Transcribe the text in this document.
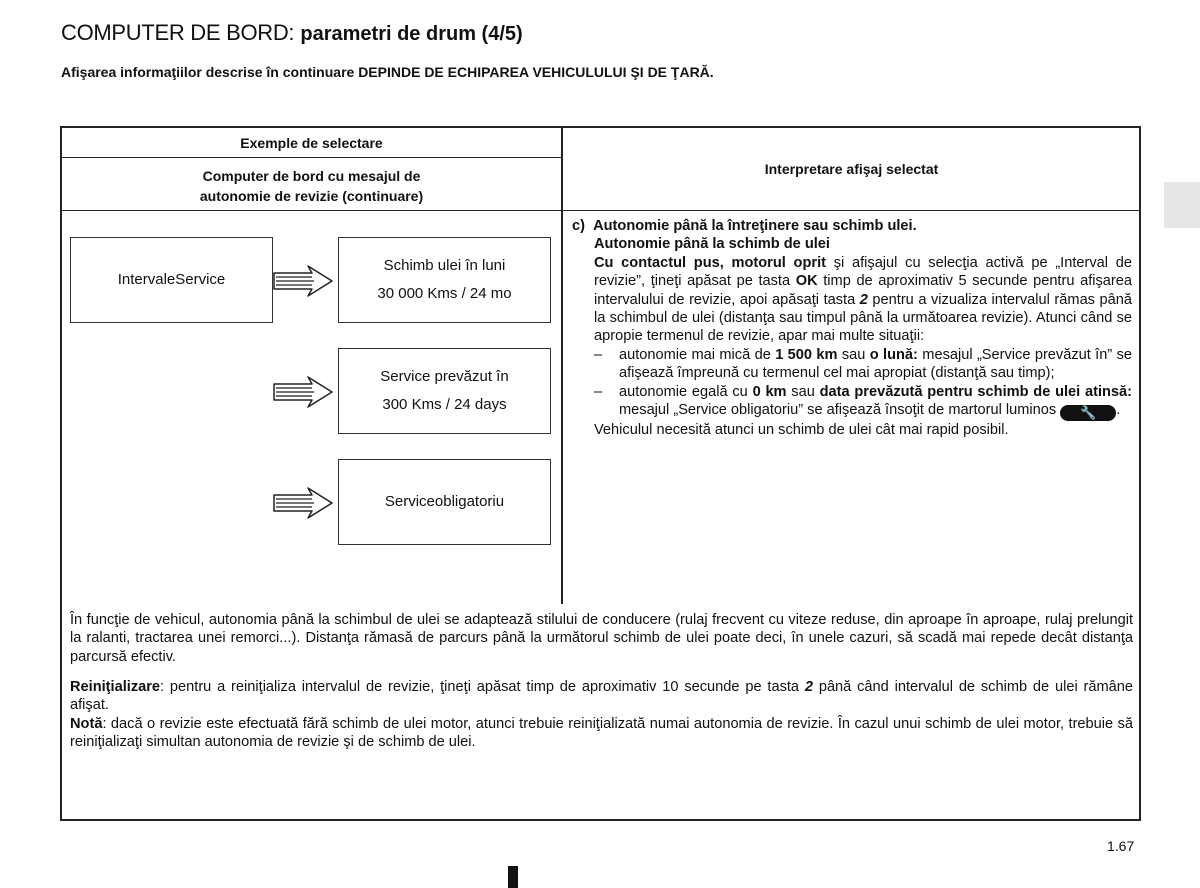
COMPUTER DE BORD: parametri de drum (4/5)
Afişarea informaţiilor descrise în continuare DEPINDE DE ECHIPAREA VEHICULULUI ŞI DE ŢARĂ.
Exemple de selectare
Computer de bord cu mesajul de
autonomie de revizie (continuare)
Interpretare afişaj selectat
IntervaleService
Schimb ulei în luni
30 000 Kms / 24 mo
Service prevăzut în
300 Kms / 24 days
Serviceobligatoriu

c) Autonomie până la întreţinere sau schimb ulei.

Autonomie până la schimb de ulei

Cu contactul pus, motorul oprit şi afişajul cu selecţia activă pe „Interval de revizie”, ţineţi apăsat pe tasta OK timp de aproximativ 5 secunde pentru afişarea intervalului de revizie, apoi apăsaţi tasta 2 pentru a vizualiza intervalul rămas până la schimbul de ulei (distanţa sau timpul până la următoarea revizie). Atunci când se apropie termenul de revizie, apar mai multe situaţii:

–	autonomie mai mică de 1 500 km sau o lună: mesajul „Service prevăzut în” se afişează împreună cu termenul cel mai apropiat (distanţă sau timp);
–	autonomie egală cu 0 km sau data prevăzută pentru schimb de ulei atinsă: mesajul „Service obligatoriu” se afişează însoţit de martorul luminos 🔧 .

Vehiculul necesită atunci un schimb de ulei cât mai rapid posibil.

În funcţie de vehicul, autonomia până la schimbul de ulei se adaptează stilului de conducere (rulaj frecvent cu viteze reduse, din aproape în aproape, rulaj prelungit la ralanti, tractarea unei remorci...). Distanţa rămasă de parcurs până la următorul schimb de ulei poate deci, în unele cazuri, să scadă mai repede decât distanţa parcursă efectiv.
Reiniţializare: pentru a reiniţializa intervalul de revizie, ţineţi apăsat timp de aproximativ 10 secunde pe tasta 2 până când intervalul de schimb de ulei rămâne afişat.
Notă: dacă o revizie este efectuată fără schimb de ulei motor, atunci trebuie reiniţializată numai autonomia de revizie. În cazul unui schimb de ulei motor, trebuie să reiniţializaţi simultan autonomia de revizie şi de schimb de ulei.
1.67
